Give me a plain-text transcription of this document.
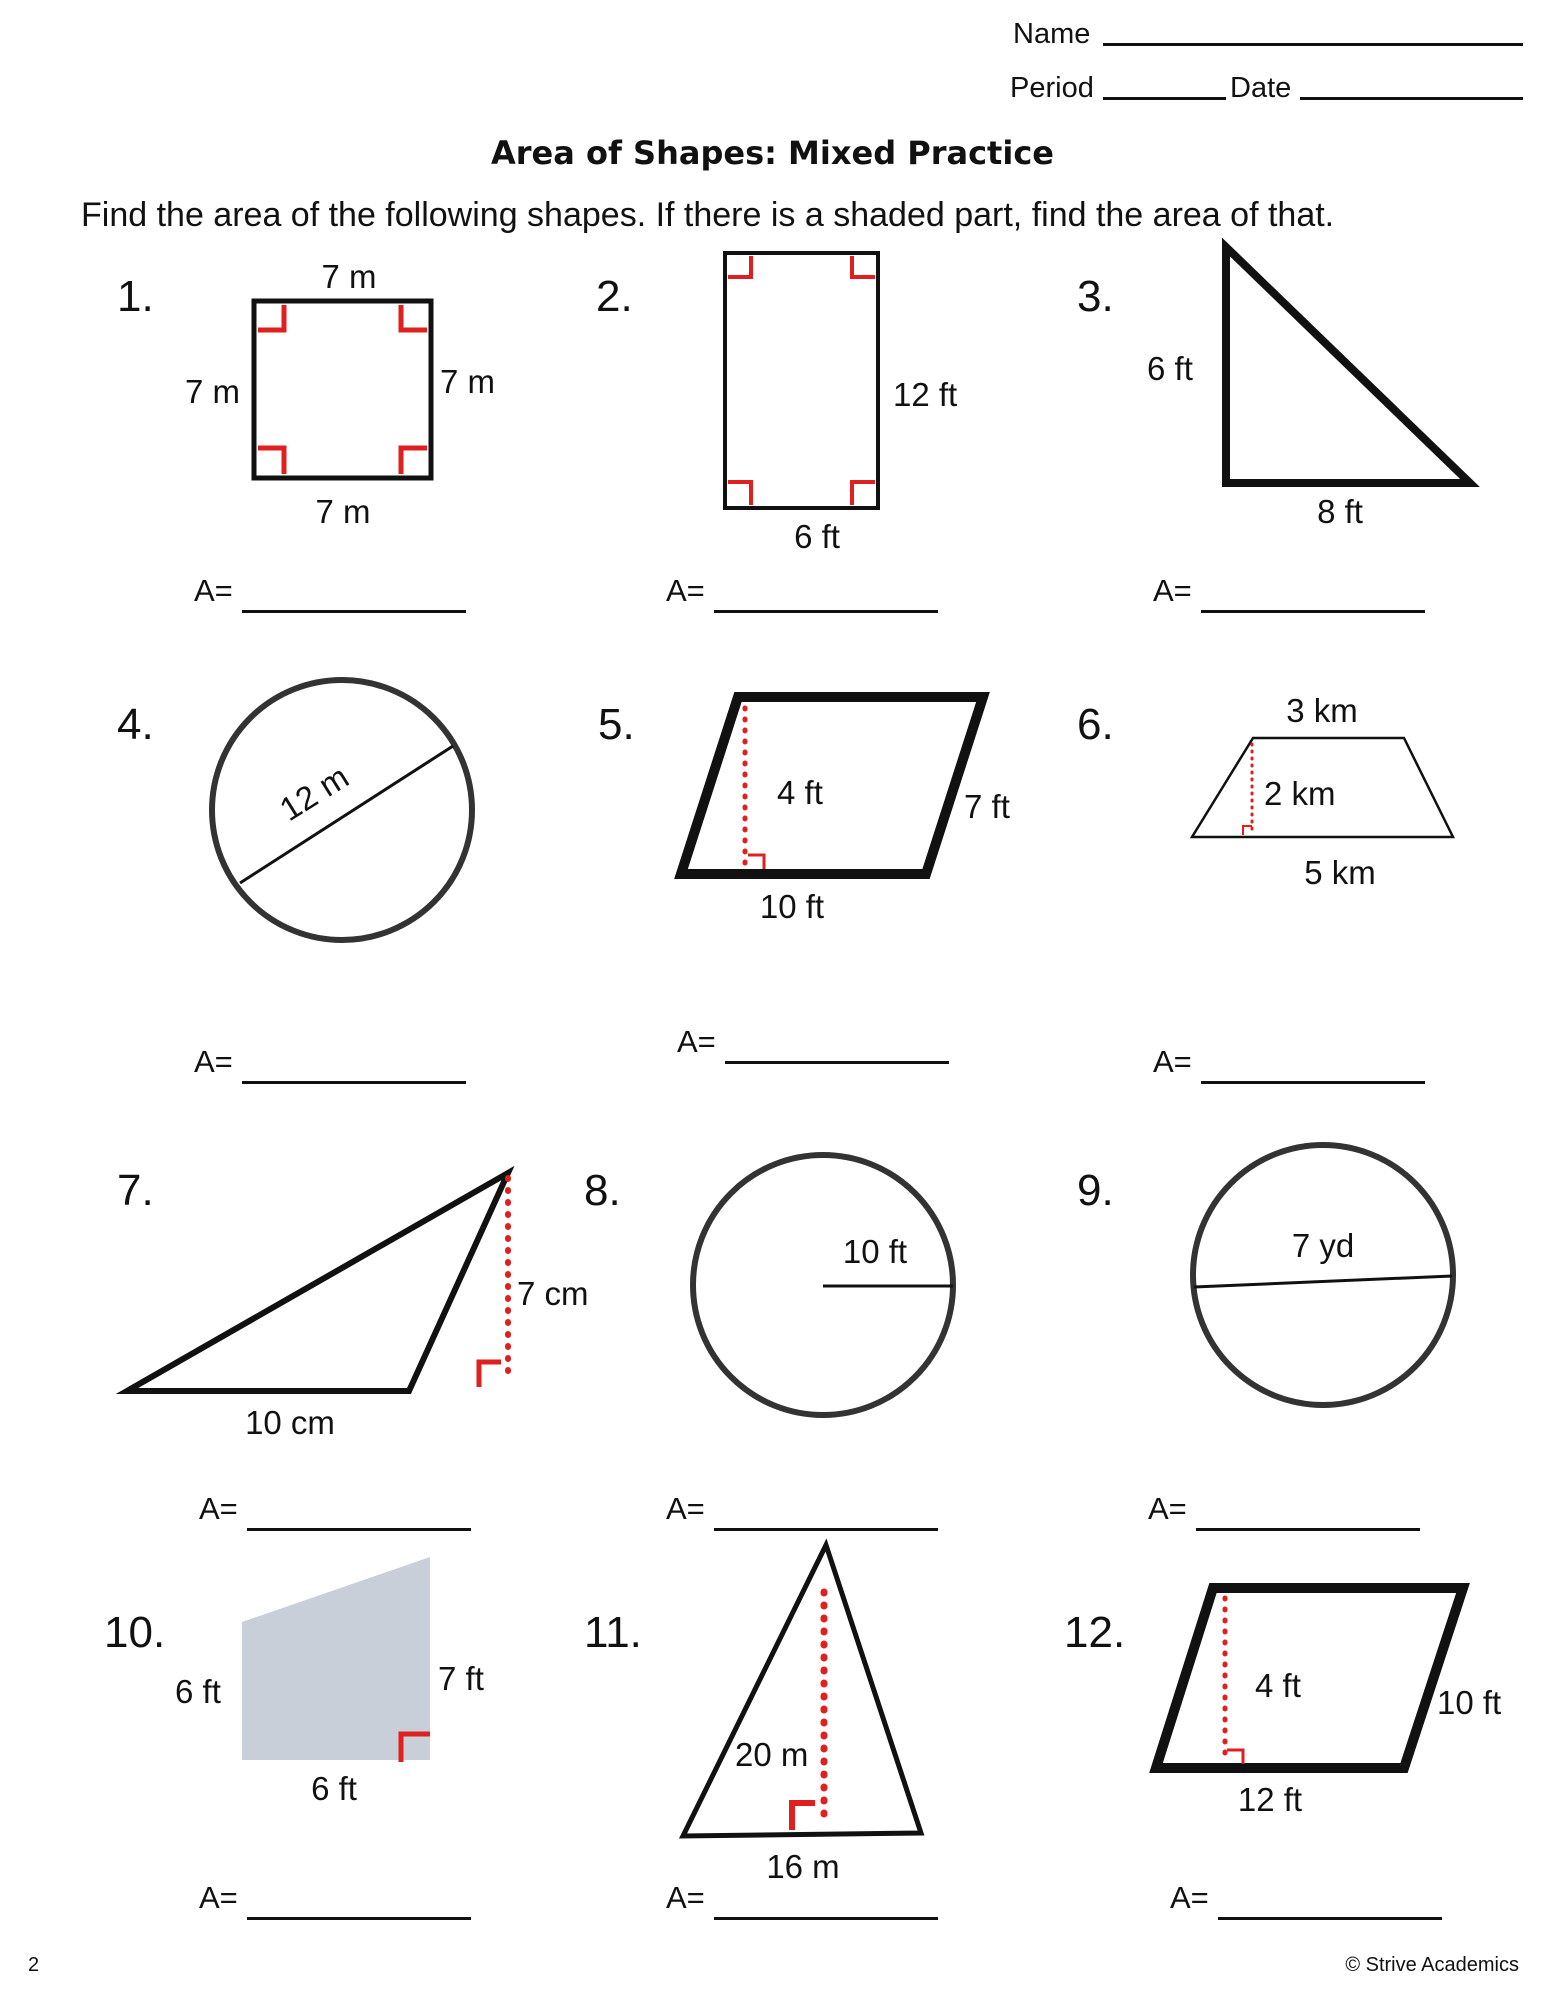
Name
Period	Date
Area of Shapes: Mixed Practice
Find the area of the following shapes. If there is a shaded part, find the area of that.
1.	2.	3.
4.	5.	6.
7.	8.	9.
10.	11.	12.
A=	A=	A=
A=
A=
A=
A=	A=	A=
A=	A=	A=
2	© Strive Academics
7 m
7 m	7 m
7 m
12 ft
6 ft
6 ft
8 ft
12 m	4 ft	7 ft
10 ft
3 km
2 km
5 km
7 cm
10 cm
10 ft	7 yd
6 ft	7 ft
6 ft
20 m
16 m
4 ft	10 ft
12 ft
